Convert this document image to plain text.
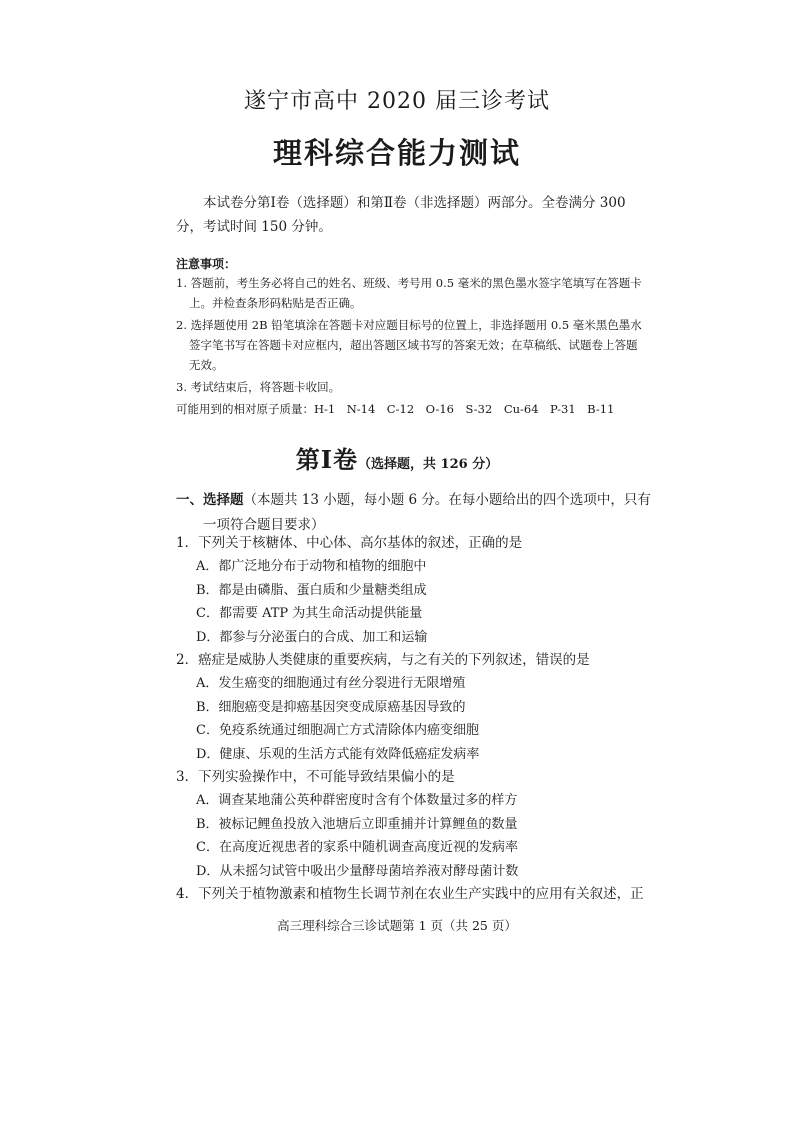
遂宁市高中 2020 届三诊考试
理科综合能力测试
本试卷分第Ⅰ卷（选择题）和第Ⅱ卷（非选择题）两部分。全卷满分 300
分，考试时间 150 分钟。
注意事项：
1. 答题前，考生务必将自己的姓名、班级、考号用 0.5 毫米的黑色墨水签字笔填写在答题卡
上。并检查条形码粘贴是否正确。
2. 选择题使用 2B 铅笔填涂在答题卡对应题目标号的位置上，非选择题用 0.5 毫米黑色墨水
签字笔书写在答题卡对应框内，超出答题区域书写的答案无效；在草稿纸、试题卷上答题
无效。
3. 考试结束后，将答题卡收回。
可能用到的相对原子质量：H-1　N-14　C-12　O-16　S-32　Cu-64　P-31　B-11
第Ⅰ卷（选择题，共 126 分）
一、选择题（本题共 13 小题，每小题 6 分。在每小题给出的四个选项中，只有
一项符合题目要求）
1．下列关于核糖体、中心体、高尔基体的叙述，正确的是
A．都广泛地分布于动物和植物的细胞中
B．都是由磷脂、蛋白质和少量糖类组成
C．都需要 ATP 为其生命活动提供能量
D．都参与分泌蛋白的合成、加工和运输
2．癌症是威胁人类健康的重要疾病，与之有关的下列叙述，错误的是
A．发生癌变的细胞通过有丝分裂进行无限增殖
B．细胞癌变是抑癌基因突变成原癌基因导致的
C．免疫系统通过细胞凋亡方式清除体内癌变细胞
D．健康、乐观的生活方式能有效降低癌症发病率
3．下列实验操作中，不可能导致结果偏小的是
A．调查某地蒲公英种群密度时含有个体数量过多的样方
B．被标记鲤鱼投放入池塘后立即重捕并计算鲤鱼的数量
C．在高度近视患者的家系中随机调查高度近视的发病率
D．从未摇匀试管中吸出少量酵母菌培养液对酵母菌计数
4．下列关于植物激素和植物生长调节剂在农业生产实践中的应用有关叙述，正
高三理科综合三诊试题第 1 页（共 25 页）
